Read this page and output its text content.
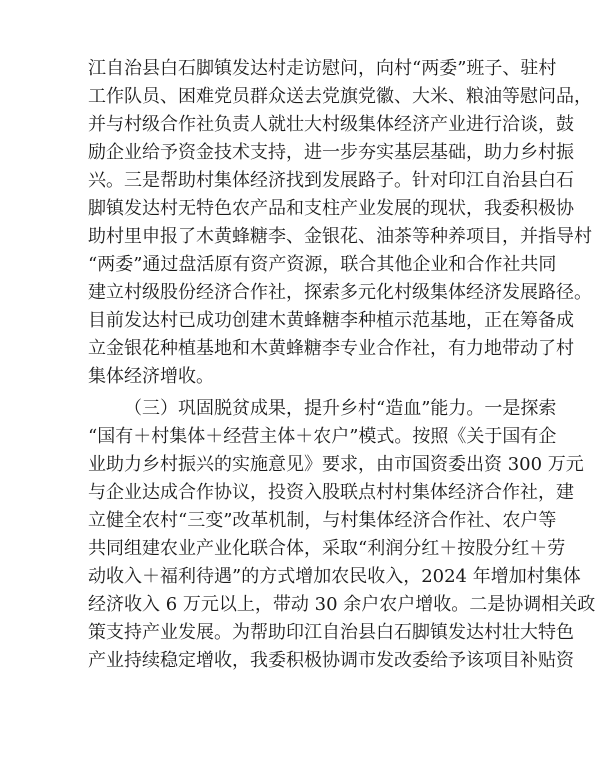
江自治县白石脚镇发达村走访慰问，向村“两委”班子、驻村
工作队员、困难党员群众送去党旗党徽、大米、粮油等慰问品，
并与村级合作社负责人就壮大村级集体经济产业进行洽谈，鼓
励企业给予资金技术支持，进一步夯实基层基础，助力乡村振
兴。三是帮助村集体经济找到发展路子。针对印江自治县白石
脚镇发达村无特色农产品和支柱产业发展的现状，我委积极协
助村里申报了木黄蜂糖李、金银花、油茶等种养项目，并指导村
“两委”通过盘活原有资产资源，联合其他企业和合作社共同
建立村级股份经济合作社，探索多元化村级集体经济发展路径。
目前发达村已成功创建木黄蜂糖李种植示范基地，正在筹备成
立金银花种植基地和木黄蜂糖李专业合作社，有力地带动了村
集体经济增收。
（三）巩固脱贫成果，提升乡村“造血”能力。一是探索
“国有＋村集体＋经营主体＋农户”模式。按照《关于国有企
业助力乡村振兴的实施意见》要求，由市国资委出资 300 万元
与企业达成合作协议，投资入股联点村村集体经济合作社，建
立健全农村“三变”改革机制，与村集体经济合作社、农户等
共同组建农业产业化联合体，采取“利润分红＋按股分红＋劳
动收入＋福利待遇”的方式增加农民收入，2024 年增加村集体
经济收入 6 万元以上，带动 30 余户农户增收。二是协调相关政
策支持产业发展。为帮助印江自治县白石脚镇发达村壮大特色
产业持续稳定增收，我委积极协调市发改委给予该项目补贴资
